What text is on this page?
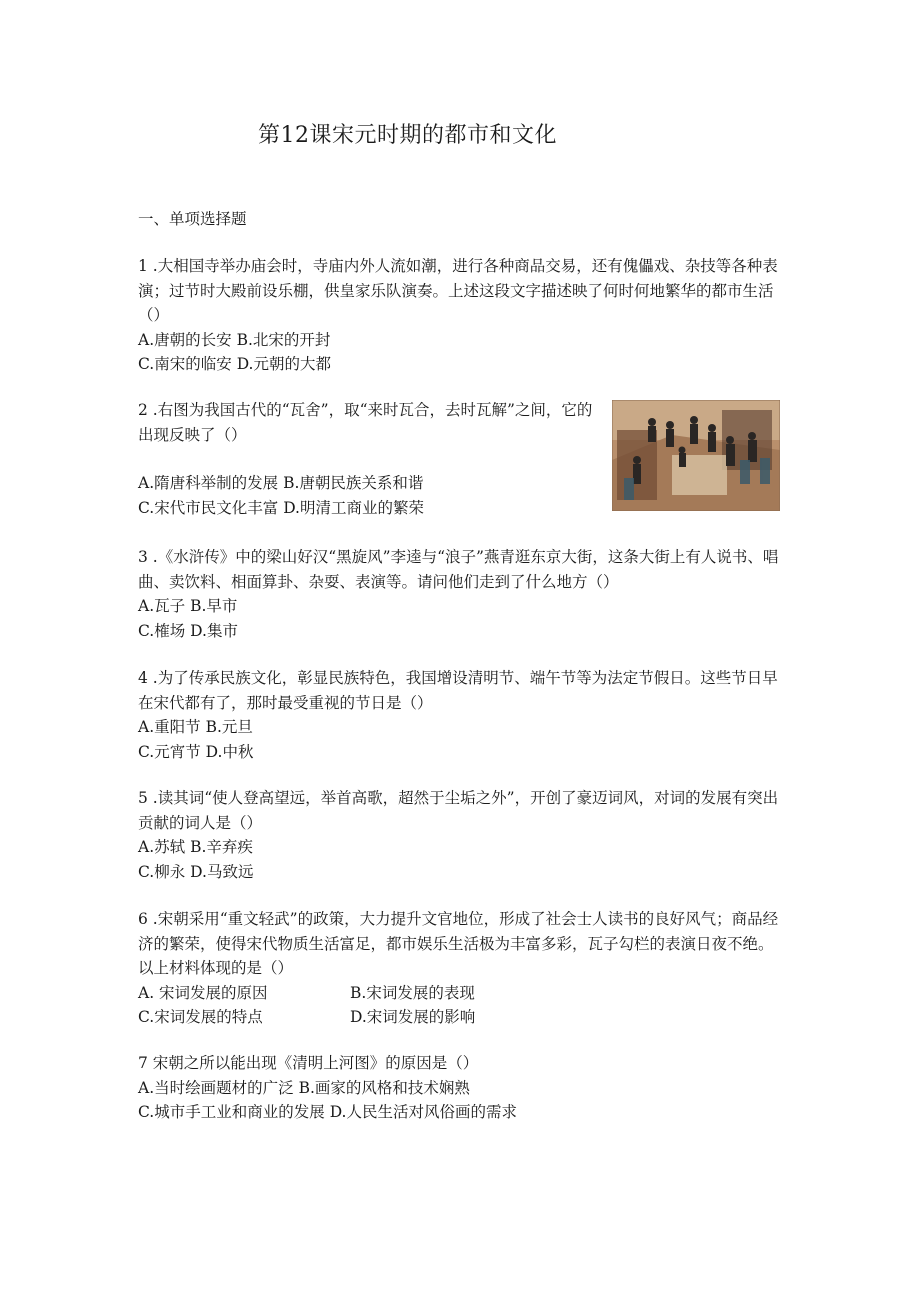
第12课宋元时期的都市和文化
一、单项选择题

1 .大相国寺举办庙会时，寺庙内外人流如潮，进行各种商品交易，还有傀儡戏、杂技等各种表演；过节时大殿前设乐棚，供皇家乐队演奏。上述这段文字描述映了何时何地繁华的都市生活（）

A.唐朝的长安 B.北宋的开封

C.南宋的临安 D.元朝的大都

2 .右图为我国古代的“瓦舍”，取“来时瓦合，去时瓦解”之间，它的出现反映了（）

A.隋唐科举制的发展 B.唐朝民族关系和谐

C.宋代市民文化丰富 D.明清工商业的繁荣

3 .《水浒传》中的梁山好汉“黑旋风”李逵与“浪子”燕青逛东京大街，这条大街上有人说书、唱曲、卖饮料、相面算卦、杂耍、表演等。请问他们走到了什么地方（）

A.瓦子 B.早市

C.榷场 D.集市

4 .为了传承民族文化，彰显民族特色，我国增设清明节、端午节等为法定节假日。这些节日早在宋代都有了，那时最受重视的节日是（）

A.重阳节 B.元旦

C.元宵节 D.中秋

5 .读其词“使人登高望远，举首高歌，超然于尘垢之外”，开创了豪迈词风，对词的发展有突出贡献的词人是（）

A.苏轼 B.辛弃疾

C.柳永 D.马致远

6 .宋朝采用“重文轻武”的政策，大力提升文官地位，形成了社会士人读书的良好风气；商品经济的繁荣，使得宋代物质生活富足，都市娱乐生活极为丰富多彩，瓦子勾栏的表演日夜不绝。以上材料体现的是（）

A. 宋词发展的原因	B.宋词发展的表现

C.宋词发展的特点	D.宋词发展的影响

7 宋朝之所以能出现《清明上河图》的原因是（）

A.当时绘画题材的广泛 B.画家的风格和技术娴熟

C.城市手工业和商业的发展 D.人民生活对风俗画的需求
